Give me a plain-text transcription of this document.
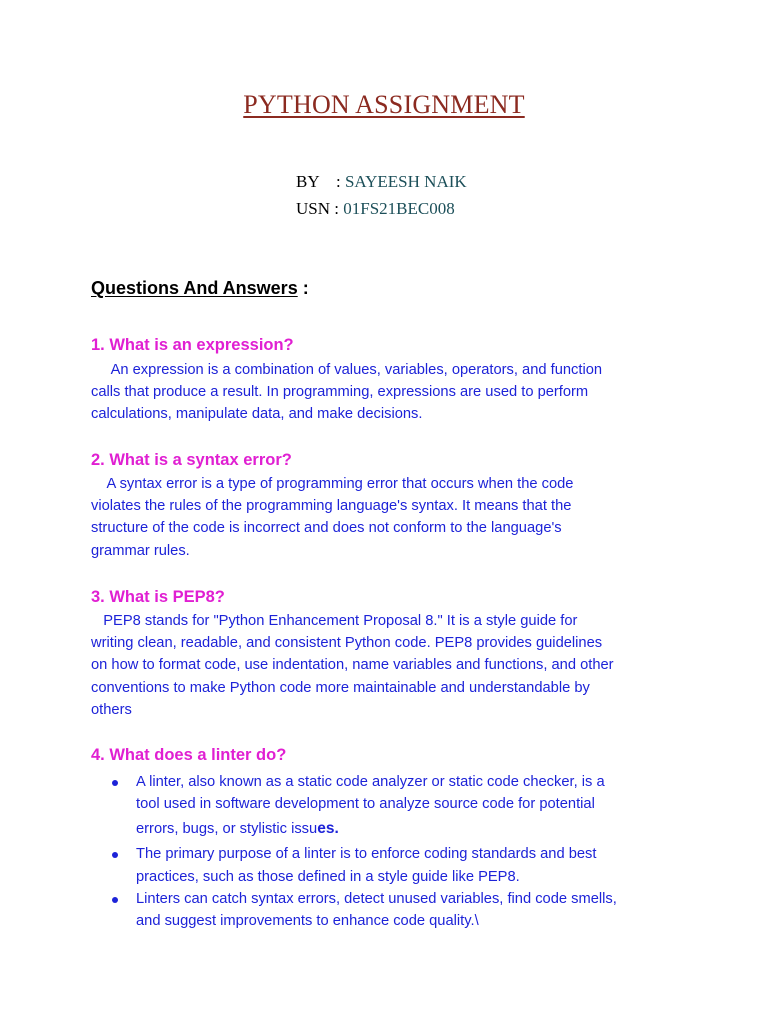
PYTHON ASSIGNMENT
BY    : SAYEESH NAIK
USN : 01FS21BEC008
Questions And Answers :
1. What is an expression?
An expression is a combination of values, variables, operators, and function
calls that produce a result. In programming, expressions are used to perform
calculations, manipulate data, and make decisions.
2. What is a syntax error?
A syntax error is a type of programming error that occurs when the code
violates the rules of the programming language's syntax. It means that the
structure of the code is incorrect and does not conform to the language's
grammar rules.
3. What is PEP8?
PEP8 stands for "Python Enhancement Proposal 8." It is a style guide for
writing clean, readable, and consistent Python code. PEP8 provides guidelines
on how to format code, use indentation, name variables and functions, and other
conventions to make Python code more maintainable and understandable by
others
4. What does a linter do?
A linter, also known as a static code analyzer or static code checker, is a
tool used in software development to analyze source code for potential
errors, bugs, or stylistic issues.
The primary purpose of a linter is to enforce coding standards and best
practices, such as those defined in a style guide like PEP8.
Linters can catch syntax errors, detect unused variables, find code smells,
and suggest improvements to enhance code quality.\
